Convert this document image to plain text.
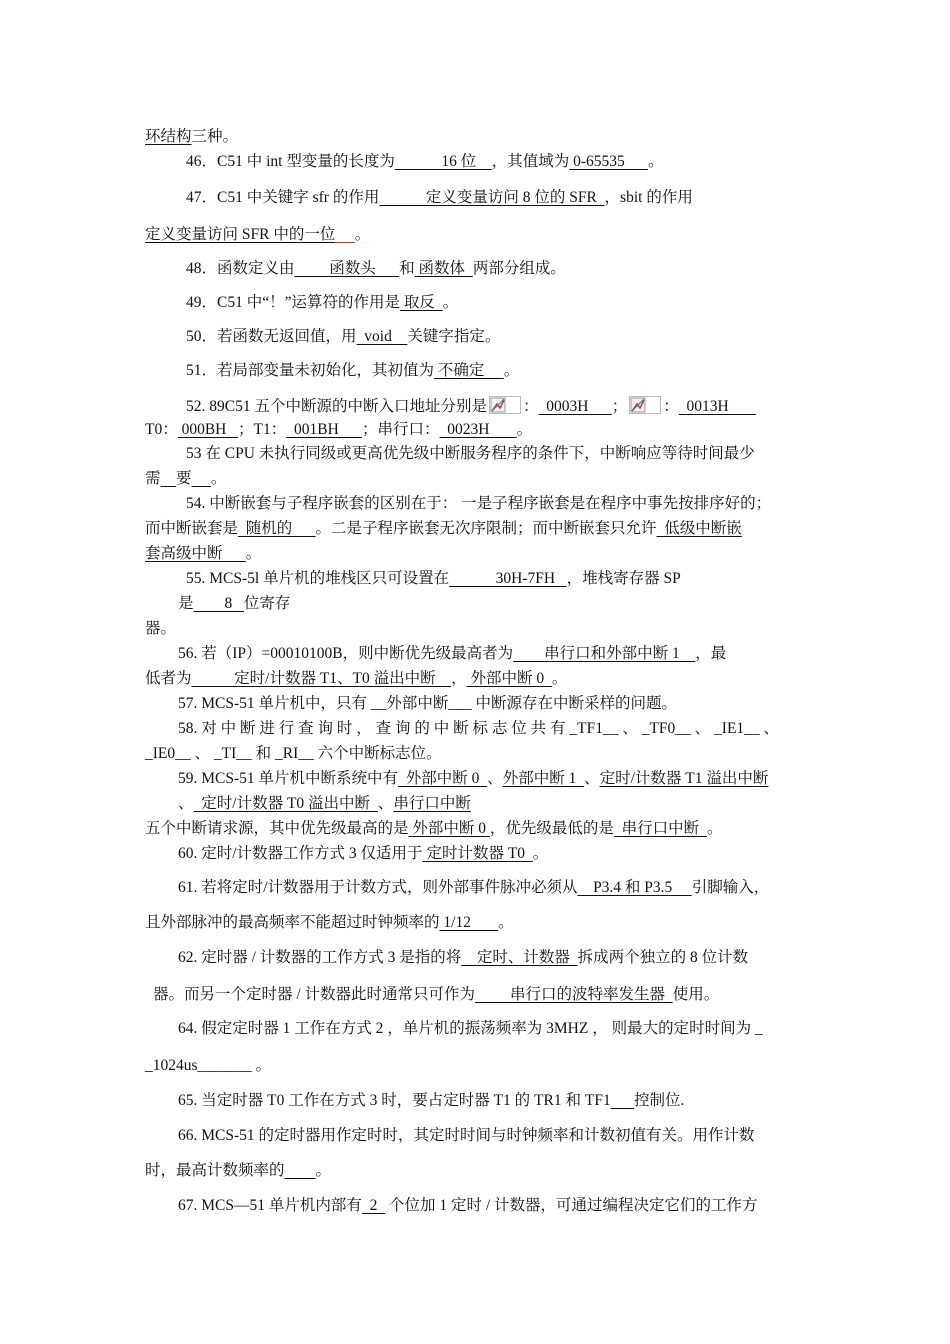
环结构三种。
46．C51 中 int 型变量的长度为            16 位    ，其值域为 0-65535      。
47．C51 中关键字 sfr 的作用            定义变量访问 8 位的 SFR  ，sbit 的作用
定义变量访问 SFR 中的一位 。
48．函数定义由         函数头      和 函数体  两部分组成。
49．C51 中“！”运算符的作用是 取反  。
50．若函数无返回值，用  void    关键字指定。
51．若局部变量未初始化，其初值为 不确定     。
52. 89C51 五个中断源的中断入口地址分别是 ：  0003H      ； ：  0013H
T0： 000BH   ；T1：  001BH      ；串行口：  0023H       。
53 在 CPU 未执行同级或更高优先级中断服务程序的条件下，中断响应等待时间最少
需 要 。
54. 中断嵌套与子程序嵌套的区别在于： 一是子程序嵌套是在程序中事先按排序好的；
而中断嵌套是  随机的      。二是子程序嵌套无次序限制；而中断嵌套只允许  低级中断嵌
套高级中断 。
55. MCS-5l 单片机的堆栈区只可设置在            30H-7FH   ，堆栈寄存器 SP
是        8   位寄存
器。
56. 若（IP）=00010100B，则中断优先级最高者为        串行口和外部中断 1    ，最
低者为           定时/计数器 T1、T0 溢出中断    ， 外部中断 0  。
57. MCS-51 单片机中，只有 __外部中断___ 中断源存在中断采样的问题。
58. 对 中 断 进 行 查 询 时 ， 查 询 的 中 断 标 志 位 共 有 _TF1__ 、 _TF0__ 、 _IE1__ 、
_IE0__ 、 _TI__ 和 _RI__ 六个中断标志位。
59. MCS-51 单片机中断系统中有  外部中断 0  、外部中断 1  、定时/计数器 T1 溢出中断
、  定时/计数器 T0 溢出中断  、串行口中断
五个中断请求源，其中优先级最高的是 外部中断 0 ，优先级最低的是  串行口中断  。
60. 定时/计数器工作方式 3 仅适用于 定时计数器 T0  。
61. 若将定时/计数器用于计数方式，则外部事件脉冲必须从    P3.4 和 P3.5     引脚输入，
且外部脉冲的最高频率不能超过时钟频率的 1/12       。
62. 定时器 / 计数器的工作方式 3 是指的将    定时、计数器  拆成两个独立的 8 位计数
器。而另一个定时器 / 计数器此时通常只可作为         串行口的波特率发生器  使用。
64. 假定定时器 1 工作在方式 2 ，单片机的振荡频率为 3MHZ ， 则最大的定时时间为 _
_1024us_______ 。
65. 当定时器 T0 工作在方式 3 时，要占定时器 T1 的 TR1 和 TF1 控制位.
66. MCS-51 的定时器用作定时时，其定时时间与时钟频率和计数初值有关。用作计数
时，最高计数频率的 。
67. MCS—51 单片机内部有  2   个位加 1 定时 / 计数器，可通过编程决定它们的工作方
